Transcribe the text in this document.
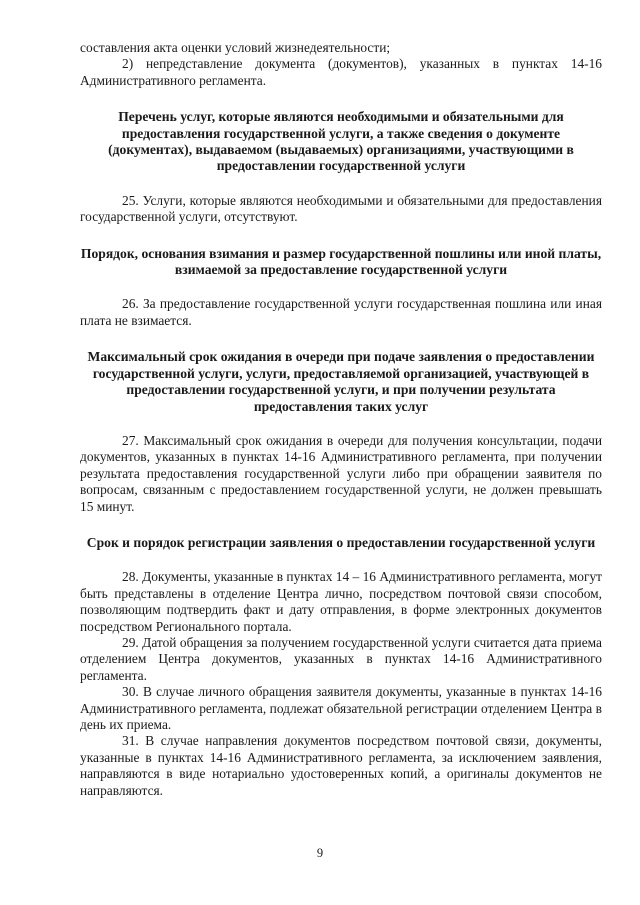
составления акта оценки условий жизнедеятельности;

2) непредставление документа (документов), указанных в пунктах 14-16 Административного регламента.

Перечень услуг, которые являются необходимыми и обязательными для предоставления государственной услуги, а также сведения о документе (документах), выдаваемом (выдаваемых) организациями, участвующими в предоставлении государственной услуги

25. Услуги, которые являются необходимыми и обязательными для предоставления государственной услуги, отсутствуют.

Порядок, основания взимания и размер государственной пошлины или иной платы, взимаемой за предоставление государственной услуги

26. За предоставление государственной услуги государственная пошлина или иная плата не взимается.

Максимальный срок ожидания в очереди при подаче заявления о предоставлении государственной услуги, услуги, предоставляемой организацией, участвующей в предоставлении государственной услуги, и при получении результата предоставления таких услуг

27. Максимальный срок ожидания в очереди для получения консультации, подачи документов, указанных в пунктах 14-16 Административного регламента, при получении результата предоставления государственной услуги либо при обращении заявителя по вопросам, связанным с предоставлением государственной услуги, не должен превышать 15 минут.

Срок и порядок регистрации заявления о предоставлении государственной услуги

28. Документы, указанные в пунктах 14 – 16 Административного регламента, могут быть представлены в отделение Центра лично, посредством почтовой связи способом, позволяющим подтвердить факт и дату отправления, в форме электронных документов посредством Регионального портала.

29. Датой обращения за получением государственной услуги считается дата приема отделением Центра документов, указанных в пунктах 14-16 Административного регламента.

30. В случае личного обращения заявителя документы, указанные в пунктах 14-16 Административного регламента, подлежат обязательной регистрации отделением Центра в день их приема.

31. В случае направления документов посредством почтовой связи, документы, указанные в пунктах 14-16 Административного регламента, за исключением заявления, направляются в виде нотариально удостоверенных копий, а оригиналы документов не направляются.

9
